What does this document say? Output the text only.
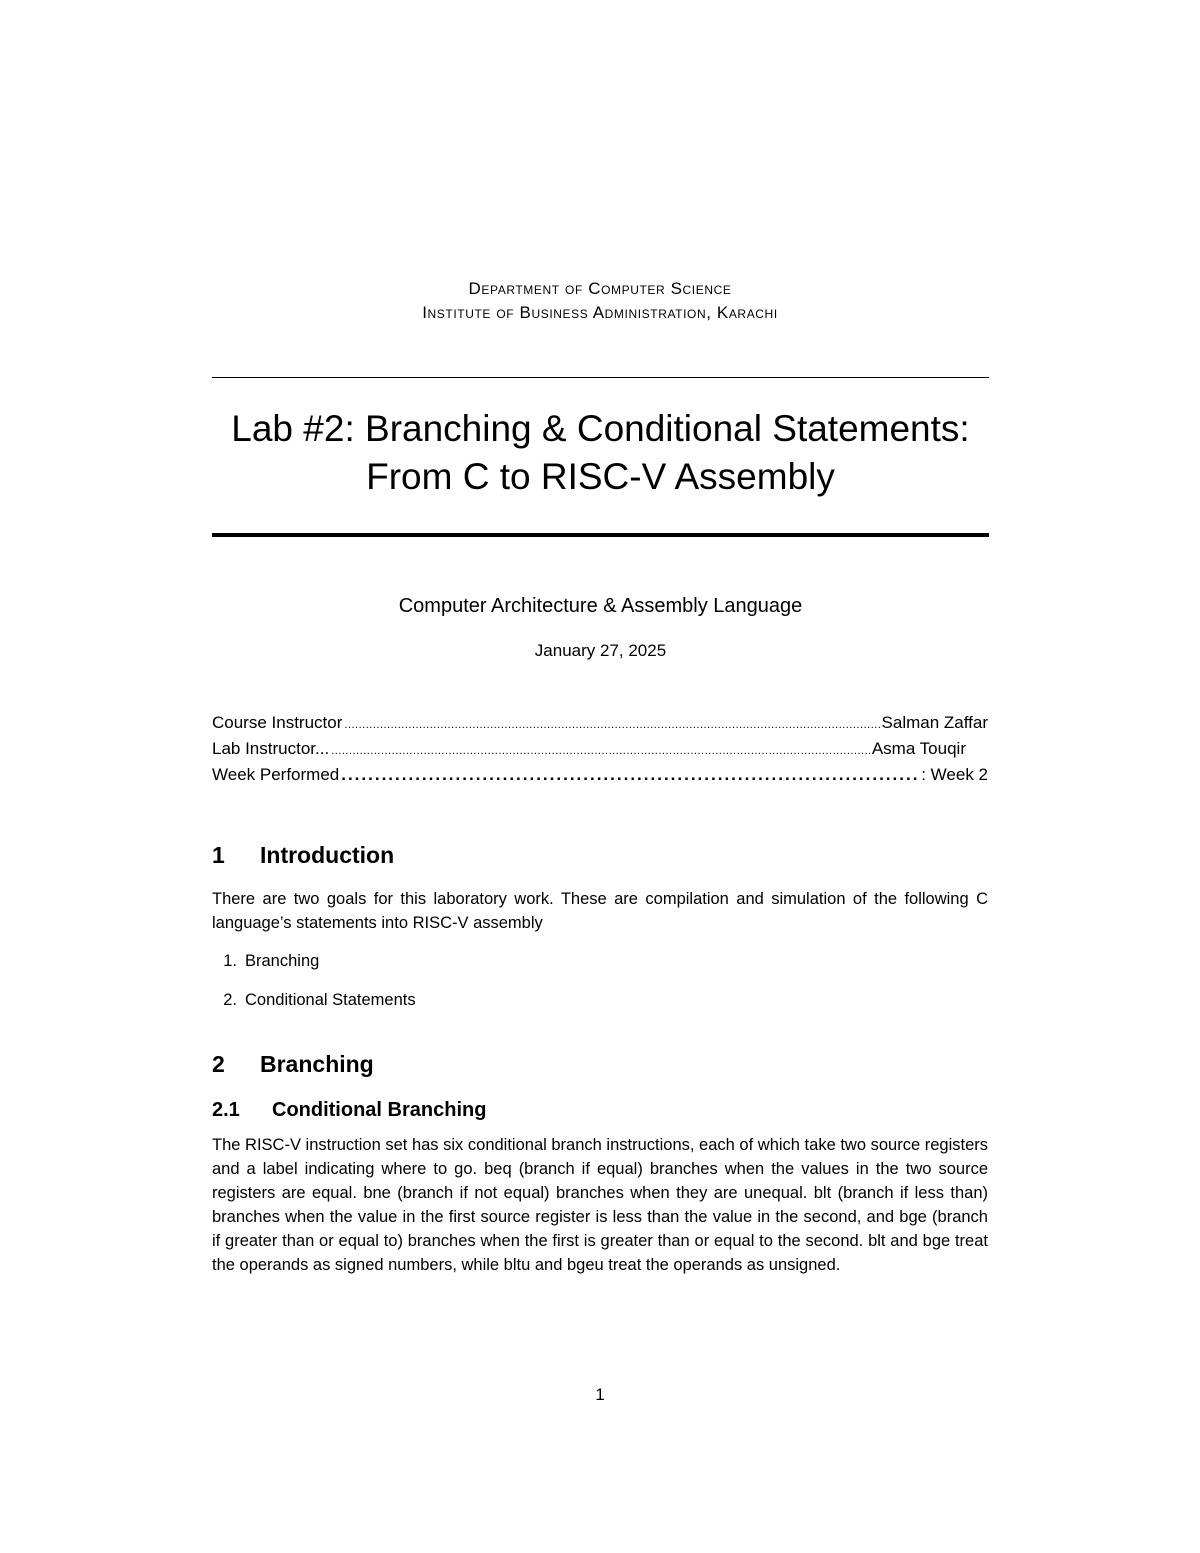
Department of Computer Science
Institute of Business Administration, Karachi
Lab #2: Branching & Conditional Statements:
From C to RISC-V Assembly
Computer Architecture & Assembly Language
January 27, 2025
Course Instructor .....	Salman Zaffar
Lab Instructor... .....	Asma Touqir
Week Performed .....	: Week 2
1	Introduction
There are two goals for this laboratory work. These are compilation and simulation of the following C language’s statements into RISC-V assembly
1. Branching
2. Conditional Statements
2	Branching
2.1	Conditional Branching
The RISC-V instruction set has six conditional branch instructions, each of which take two source registers and a label indicating where to go. beq (branch if equal) branches when the values in the two source registers are equal. bne (branch if not equal) branches when they are unequal. blt (branch if less than) branches when the value in the first source register is less than the value in the second, and bge (branch if greater than or equal to) branches when the first is greater than or equal to the second. blt and bge treat the operands as signed numbers, while bltu and bgeu treat the operands as unsigned.
1
